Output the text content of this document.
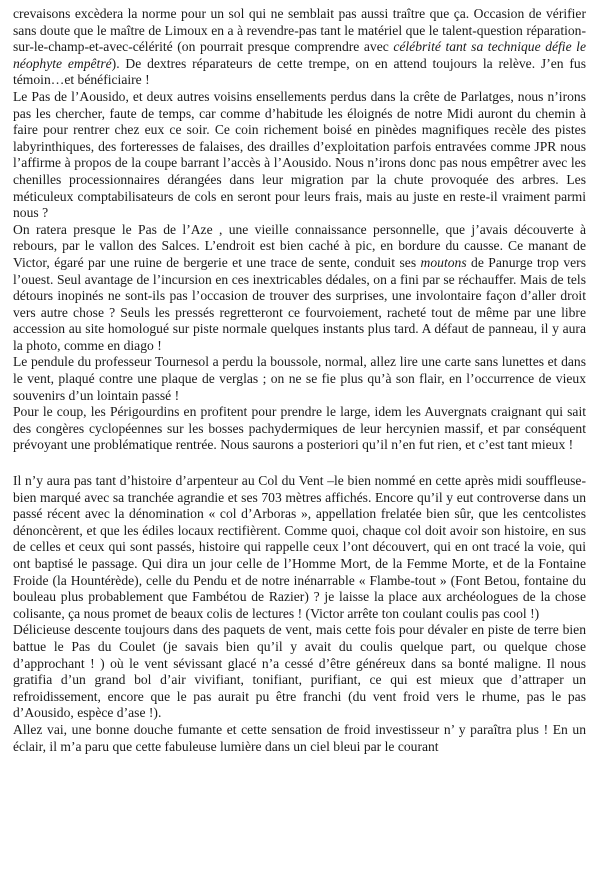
crevaisons excèdera la norme pour un sol qui ne semblait pas aussi traître que ça. Occasion de vérifier sans doute que le maître de Limoux en a à revendre-pas tant le matériel que le talent-question réparation-sur-le-champ-et-avec-célérité (on pourrait presque comprendre avec célébrité tant sa technique défie le néophyte empêtré). De dextres réparateurs de cette trempe, on en attend toujours la relève. J’en fus témoin…et bénéficiaire !

Le Pas de l’Aousido, et deux autres voisins ensellements perdus dans la crête de Parlatges, nous n’irons pas les chercher, faute de temps, car comme d’habitude les éloignés de notre Midi auront du chemin à faire pour rentrer chez eux ce soir. Ce coin richement boisé en pinèdes magnifiques recèle des pistes labyrinthiques, des forteresses de falaises, des drailles d’exploitation parfois entravées comme JPR nous l’affirme à propos de la coupe barrant l’accès à l’Aousido. Nous n’irons donc pas nous empêtrer avec les chenilles processionnaires dérangées dans leur migration par la chute provoquée des arbres. Les méticuleux comptabilisateurs de cols en seront pour leurs frais, mais au juste en reste-il vraiment parmi nous ?

On ratera presque le Pas de l’Aze , une vieille connaissance personnelle, que j’avais découverte à rebours, par le vallon des Salces. L’endroit est bien caché à pic, en bordure du causse. Ce manant de Victor, égaré par une ruine de bergerie et une trace de sente, conduit ses moutons de Panurge trop vers l’ouest. Seul avantage de l’incursion en ces inextricables dédales, on a fini par se réchauffer. Mais de tels détours inopinés ne sont-ils pas l’occasion de trouver des surprises, une involontaire façon d’aller droit vers autre chose ? Seuls les pressés regretteront ce fourvoiement, racheté tout de même par une libre accession au site homologué sur piste normale quelques instants plus tard. A défaut de panneau, il y aura la photo, comme en diago !

Le pendule du professeur Tournesol a perdu la boussole, normal, allez lire une carte sans lunettes et dans le vent, plaqué contre une plaque de verglas ; on ne se fie plus qu’à son flair, en l’occurrence de vieux souvenirs d’un lointain passé !

Pour le coup, les Périgourdins en profitent pour prendre le large, idem les Auvergnats craignant qui sait des congères cyclopéennes sur les bosses pachydermiques de leur hercynien massif, et par conséquent prévoyant une problématique rentrée. Nous saurons a posteriori qu’il n’en fut rien, et c’est tant mieux !

Il n’y aura pas tant d’histoire d’arpenteur au Col du Vent –le bien nommé en cette après midi souffleuse- bien marqué avec sa tranchée agrandie et ses 703 mètres affichés. Encore qu’il y eut controverse dans un passé récent avec la dénomination « col d’Arboras », appellation frelatée bien sûr, que les centcolistes dénoncèrent, et que les édiles locaux rectifièrent. Comme quoi, chaque col doit avoir son histoire, en sus de celles et ceux qui sont passés, histoire qui rappelle ceux l’ont découvert, qui en ont tracé la voie, qui ont baptisé le passage. Qui dira un jour celle de l’Homme Mort, de la Femme Morte, et de la Fontaine Froide (la Hountérède), celle du Pendu et de notre inénarrable « Flambe-tout » (Font Betou, fontaine du bouleau plus probablement que Fambétou de Razier) ? je laisse la place aux archéologues de la chose colisante, ça nous promet de beaux colis de lectures ! (Victor arrête ton coulant coulis pas cool !)

Délicieuse descente toujours dans des paquets de vent, mais cette fois pour dévaler en piste de terre bien battue le Pas du Coulet (je savais bien qu’il y avait du coulis quelque part, ou quelque chose d’approchant ! ) où le vent sévissant glacé n’a cessé d’être généreux dans sa bonté maligne. Il nous gratifia d’un grand bol d’air vivifiant, tonifiant, purifiant, ce qui est mieux que d’attraper un refroidissement, encore que le pas aurait pu être franchi (du vent froid vers le rhume, pas le pas d’Aousido, espèce d’ase !).

Allez vai, une bonne douche fumante et cette sensation de froid investisseur n’ y paraîtra plus ! En un éclair, il m’a paru que cette fabuleuse lumière dans un ciel bleui par le courant
